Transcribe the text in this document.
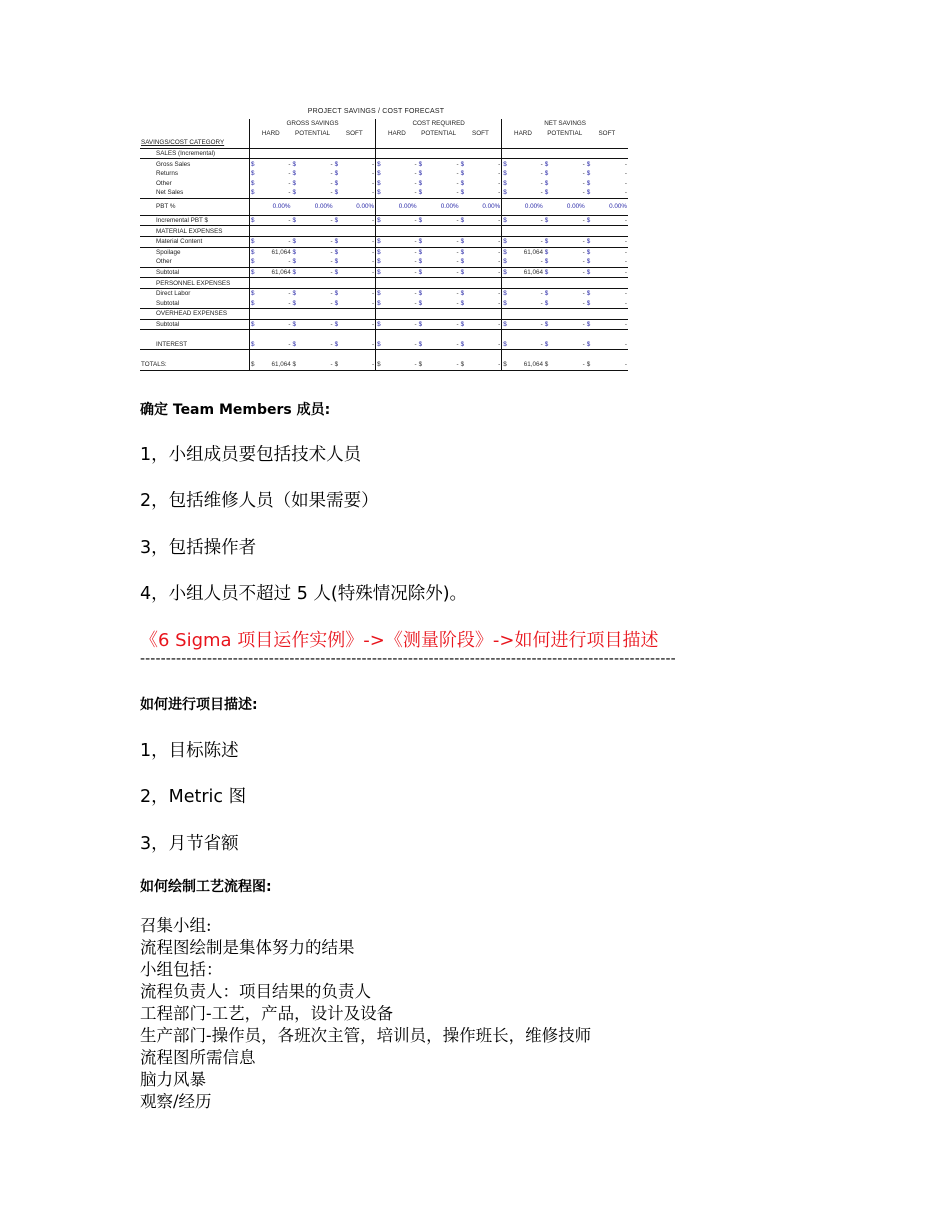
PROJECT SAVINGS / COST FORECAST
	GROSS SAVINGS						COST REQUIRED						NET SAVINGS					
	HARD		POTENTIAL		SOFT		HARD		POTENTIAL		SOFT		HARD		POTENTIAL		SOFT	
SAVINGS/COST CATEGORY																		
SALES (Incremental)																		
Gross Sales	$	-	$	-	$	-	$	-	$	-	$	-	$	-	$	-	$	-
Returns	$	-	$	-	$	-	$	-	$	-	$	-	$	-	$	-	$	-
Other	$	-	$	-	$	-	$	-	$	-	$	-	$	-	$	-	$	-
Net Sales	$	-	$	-	$	-	$	-	$	-	$	-	$	-	$	-	$	-
PBT %		0.00%		0.00%		0.00%		0.00%		0.00%		0.00%		0.00%		0.00%		0.00%
Incremental PBT $	$	-	$	-	$	-	$	-	$	-	$	-	$	-	$	-	$	-
MATERIAL EXPENSES																		
Material Content	$	-	$	-	$	-	$	-	$	-	$	-	$	-	$	-	$	-
Spoilage	$	61,064	$	-	$	-	$	-	$	-	$	-	$	61,064	$	-	$	-
Other	$	-	$	-	$	-	$	-	$	-	$	-	$	-	$	-	$	-
Subtotal	$	61,064	$	-	$	-	$	-	$	-	$	-	$	61,064	$	-	$	-
PERSONNEL EXPENSES																		
Direct Labor	$	-	$	-	$	-	$	-	$	-	$	-	$	-	$	-	$	-
Subtotal	$	-	$	-	$	-	$	-	$	-	$	-	$	-	$	-	$	-
OVERHEAD EXPENSES																		
Subtotal	$	-	$	-	$	-	$	-	$	-	$	-	$	-	$	-	$	-

INTEREST	$	-	$	-	$	-	$	-	$	-	$	-	$	-	$	-	$	-

TOTALS:	$	61,064	$	-	$	-	$	-	$	-	$	-	$	61,064	$	-	$	-
确定 Team Members 成员:
1，小组成员要包括技术人员
2，包括维修人员（如果需要）
3，包括操作者
4，小组人员不超过 5 人(特殊情况除外)。
《6 Sigma 项目运作实例》->《测量阶段》->如何进行项目描述
--------------------------------------------------------------------------------------------------------
如何进行项目描述:
1，目标陈述
2，Metric 图
3，月节省额
如何绘制工艺流程图:
召集小组:
流程图绘制是集体努力的结果
小组包括：
流程负责人：项目结果的负责人
工程部门-工艺，产品，设计及设备
生产部门-操作员，各班次主管，培训员，操作班长，维修技师
流程图所需信息
脑力风暴
观察/经历
